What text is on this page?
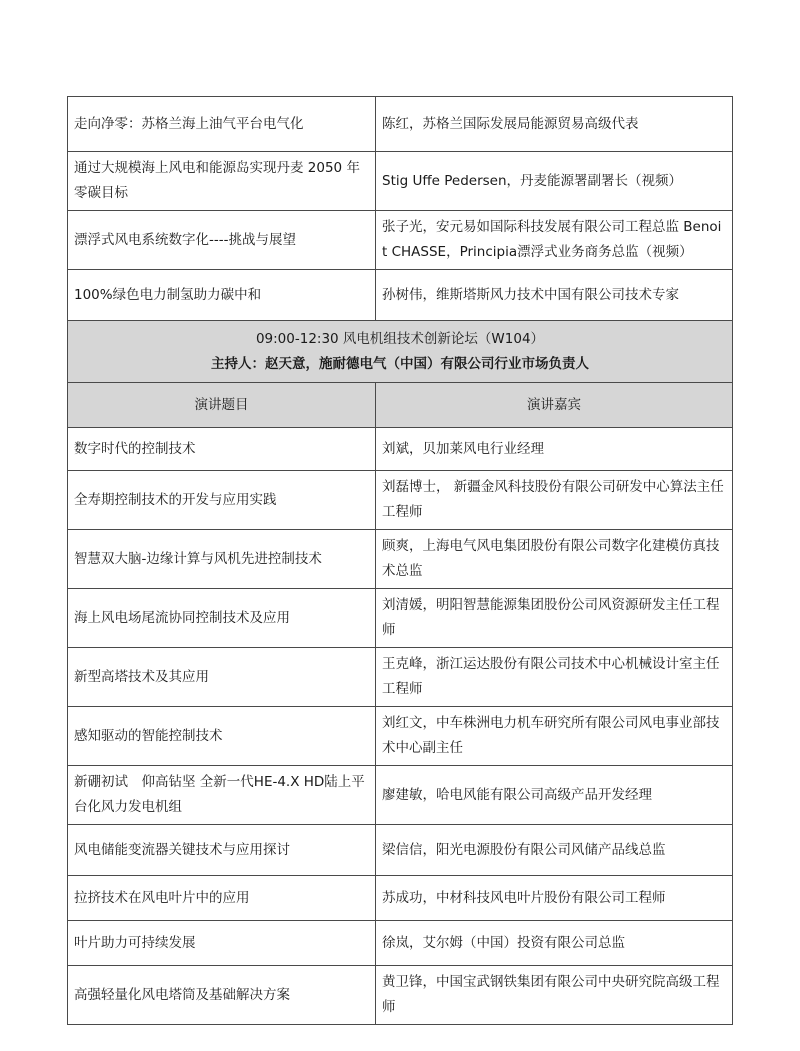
走向净零：苏格兰海上油气平台电气化	陈红，苏格兰国际发展局能源贸易高级代表
通过大规模海上风电和能源岛实现丹麦 2050 年零碳目标	Stig Uffe Pedersen，丹麦能源署副署长（视频）
漂浮式风电系统数字化----挑战与展望	张子光，安元易如国际科技发展有限公司工程总监 Benoit CHASSE，Principia漂浮式业务商务总监（视频）
100%绿色电力制氢助力碳中和	孙树伟，维斯塔斯风力技术中国有限公司技术专家

09:00-12:30 风电机组技术创新论坛（W104）
主持人：赵天意，施耐德电气（中国）有限公司行业市场负责人	

演讲题目	演讲嘉宾
数字时代的控制技术	刘斌，贝加莱风电行业经理
全寿期控制技术的开发与应用实践	刘磊博士， 新疆金风科技股份有限公司研发中心算法主任工程师
智慧双大脑-边缘计算与风机先进控制技术	顾爽，上海电气风电集团股份有限公司数字化建模仿真技术总监
海上风电场尾流协同控制技术及应用	刘清媛，明阳智慧能源集团股份公司风资源研发主任工程师
新型高塔技术及其应用	王克峰，浙江运达股份有限公司技术中心机械设计室主任工程师
感知驱动的智能控制技术	刘红文，中车株洲电力机车研究所有限公司风电事业部技术中心副主任
新硼初试　仰高钻坚 全新一代HE-4.X HD陆上平台化风力发电机组	廖建敏，哈电风能有限公司高级产品开发经理
风电储能变流器关键技术与应用探讨	梁信信，阳光电源股份有限公司风储产品线总监
拉挤技术在风电叶片中的应用	苏成功，中材科技风电叶片股份有限公司工程师
叶片助力可持续发展	徐岚，艾尔姆（中国）投资有限公司总监
高强轻量化风电塔筒及基础解决方案	黄卫锋，中国宝武钢铁集团有限公司中央研究院高级工程师
